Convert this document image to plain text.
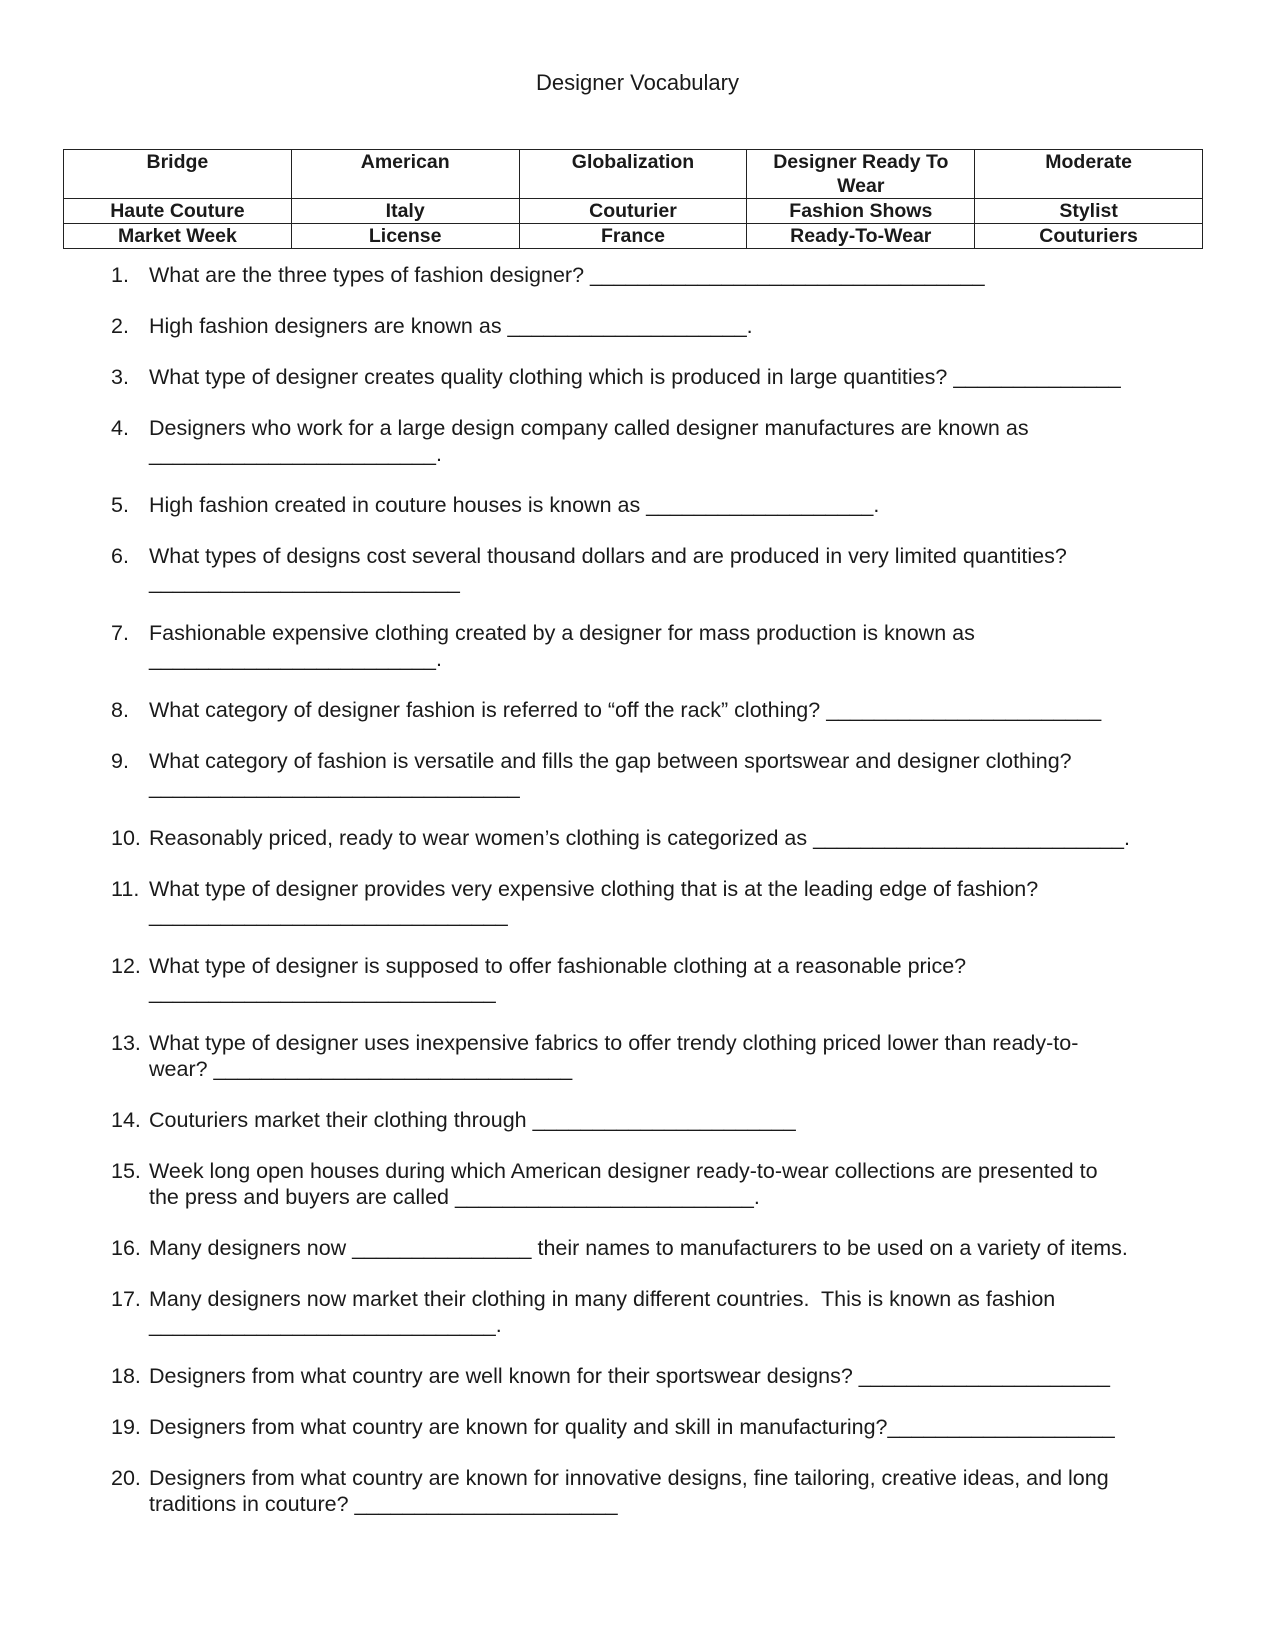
Designer Vocabulary
Bridge	American	Globalization	Designer Ready To Wear	Moderate
Haute Couture	Italy	Couturier	Fashion Shows	Stylist
Market Week	License	France	Ready-To-Wear	Couturiers
1. What are the three types of fashion designer? _________________________________
2. High fashion designers are known as ____________________.
3. What type of designer creates quality clothing which is produced in large quantities? ______________
4. Designers who work for a large design company called designer manufactures are known as
________________________.
5. High fashion created in couture houses is known as ___________________.
6. What types of designs cost several thousand dollars and are produced in very limited quantities?
__________________________
7. Fashionable expensive clothing created by a designer for mass production is known as
________________________.
8. What category of designer fashion is referred to “off the rack” clothing? _______________________
9. What category of fashion is versatile and fills the gap between sportswear and designer clothing?
_______________________________
10. Reasonably priced, ready to wear women’s clothing is categorized as __________________________.
11. What type of designer provides very expensive clothing that is at the leading edge of fashion?
______________________________
12. What type of designer is supposed to offer fashionable clothing at a reasonable price?
_____________________________
13. What type of designer uses inexpensive fabrics to offer trendy clothing priced lower than ready-to-
wear? ______________________________
14. Couturiers market their clothing through ______________________
15. Week long open houses during which American designer ready-to-wear collections are presented to
the press and buyers are called _________________________.
16. Many designers now _______________ their names to manufacturers to be used on a variety of items.
17. Many designers now market their clothing in many different countries.  This is known as fashion
_____________________________.
18. Designers from what country are well known for their sportswear designs? _____________________
19. Designers from what country are known for quality and skill in manufacturing?___________________
20. Designers from what country are known for innovative designs, fine tailoring, creative ideas, and long
traditions in couture? ______________________
